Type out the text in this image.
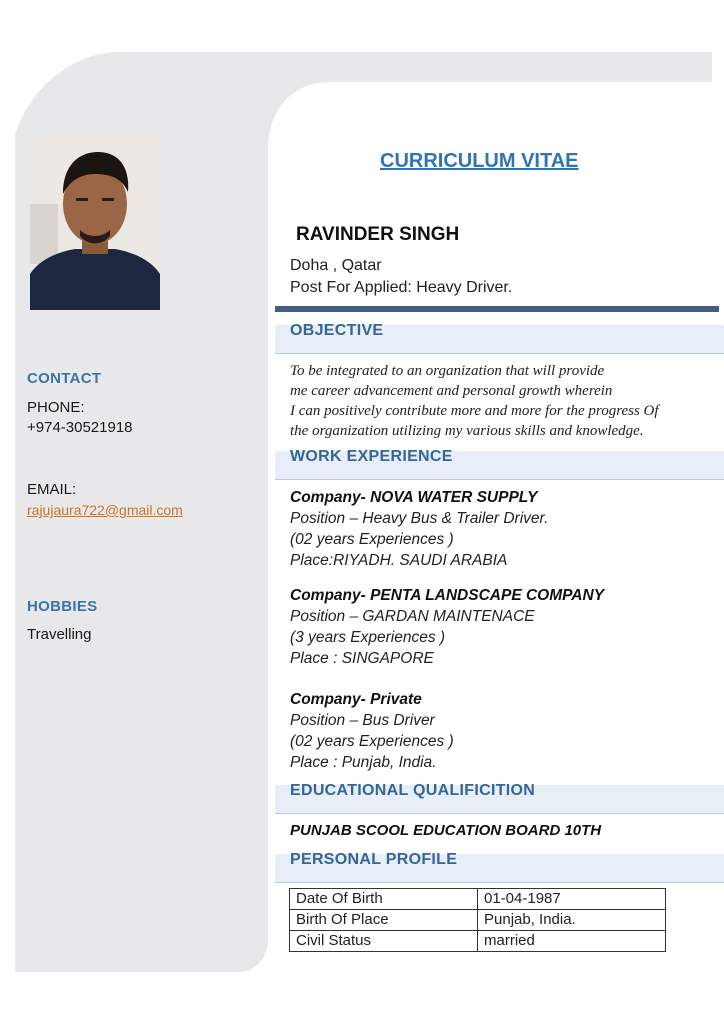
CONTACT
PHONE:
+974-30521918
EMAIL:
rajujaura722@gmail.com
HOBBIES
Travelling
CURRICULUM VITAE
RAVINDER SINGH
Doha , Qatar
Post For Applied: Heavy Driver.
OBJECTIVE
To be integrated to an organization that will provide
me career advancement and personal growth wherein
I can positively contribute more and more for the progress Of
the organization utilizing my various skills and knowledge.
WORK EXPERIENCE
Company- NOVA WATER SUPPLY
Position – Heavy Bus & Trailer Driver.
(02 years Experiences )
Place:RIYADH. SAUDI ARABIA
Company- PENTA LANDSCAPE COMPANY
Position – GARDAN MAINTENACE
(3 years Experiences )
Place : SINGAPORE
Company- Private
Position – Bus Driver
(02 years Experiences )
Place : Punjab, India.
EDUCATIONAL QUALIFICITION
PUNJAB SCOOL EDUCATION BOARD 10TH
PERSONAL PROFILE
Date Of Birth	01-04-1987
Birth Of Place	Punjab, India.
Civil Status	married
